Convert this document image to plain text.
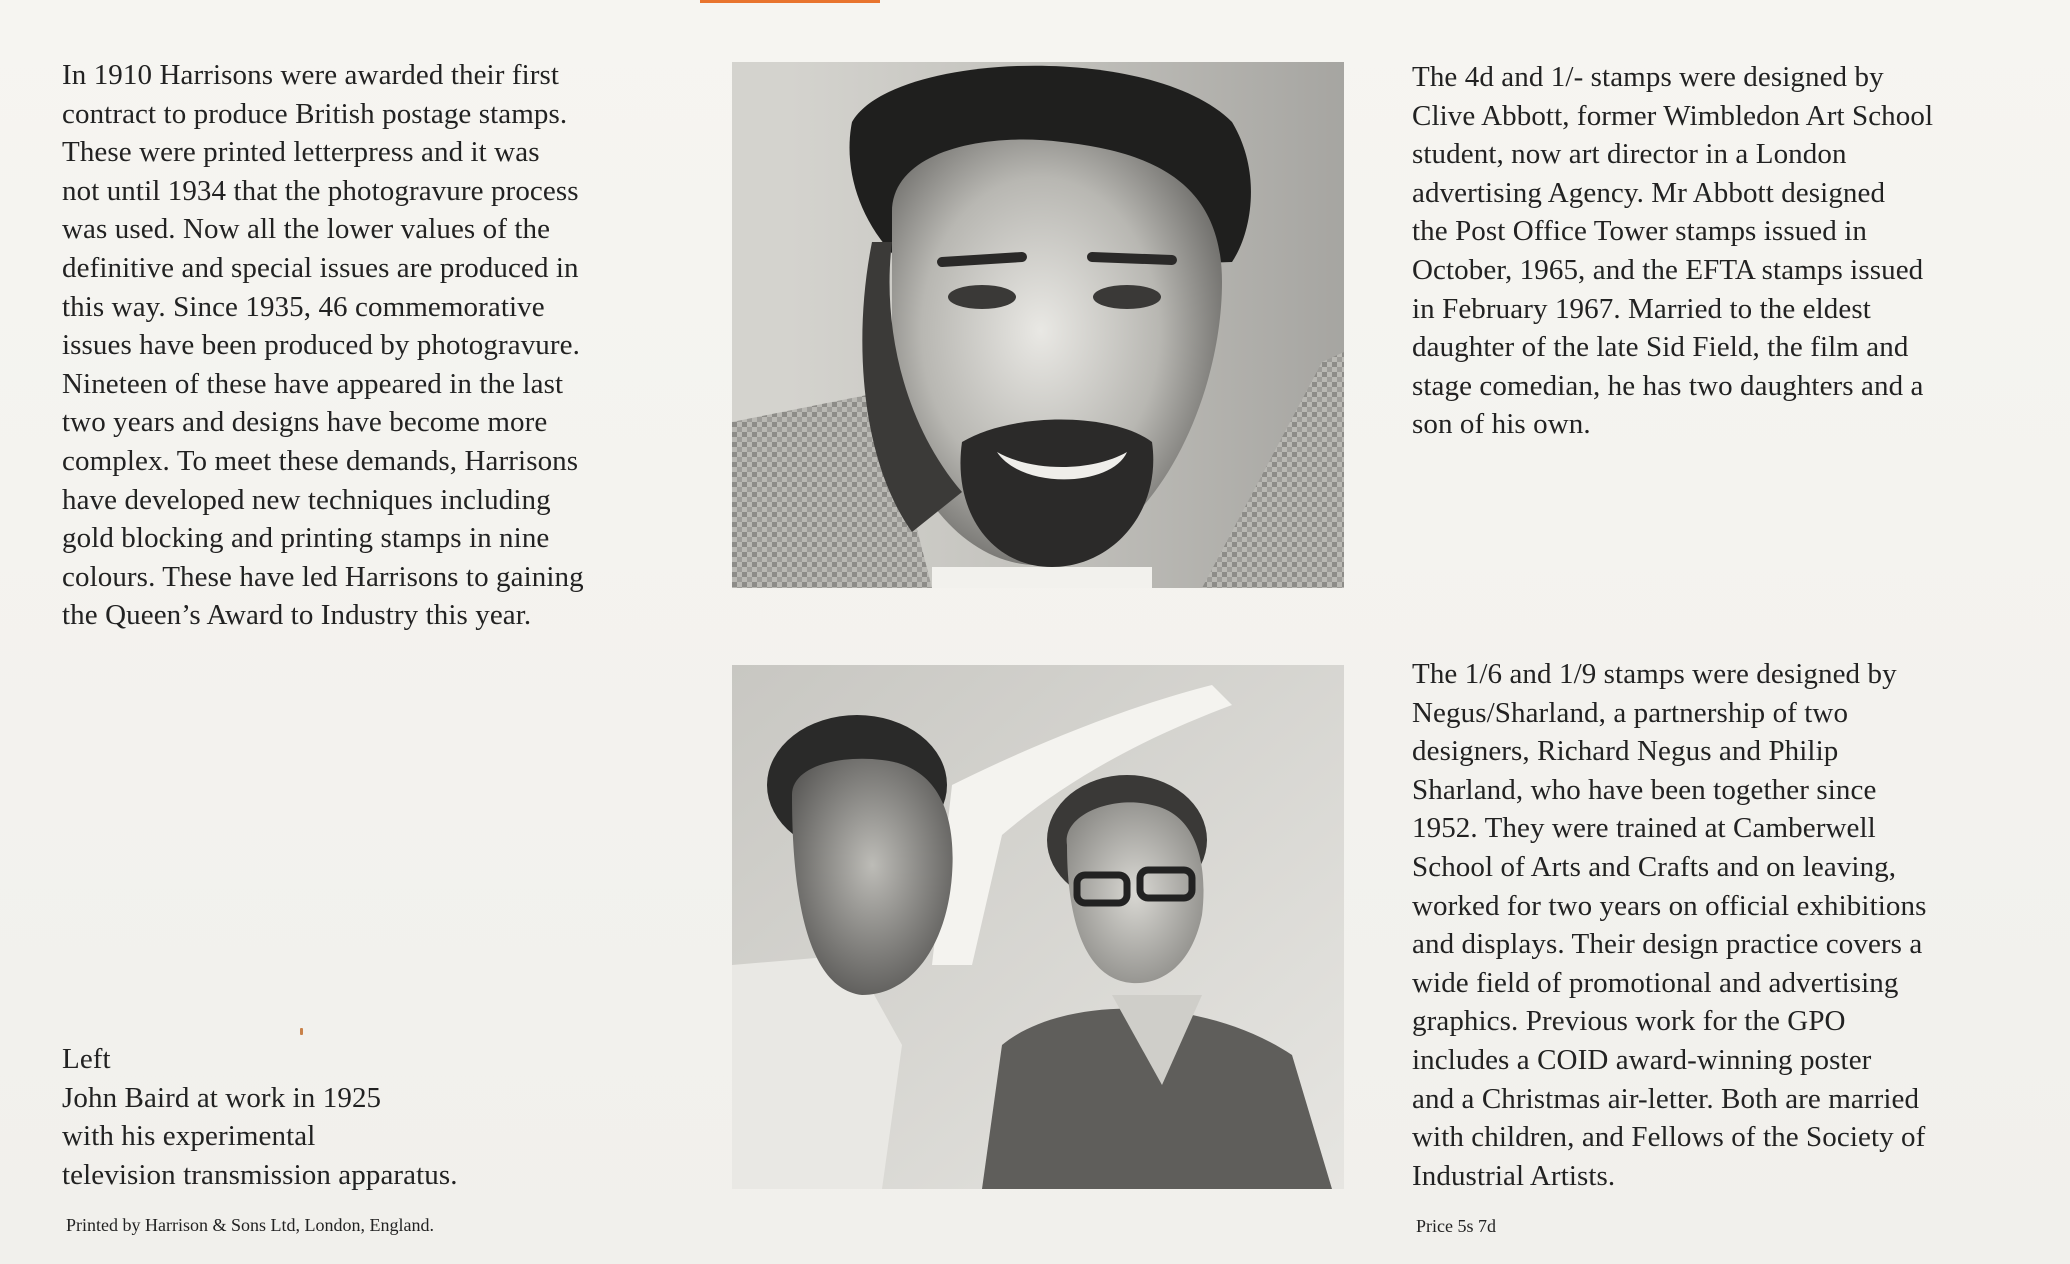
In 1910 Harrisons were awarded their first
contract to produce British postage stamps.
These were printed letterpress and it was
not until 1934 that the photogravure process
was used. Now all the lower values of the
definitive and special issues are produced in
this way. Since 1935, 46 commemorative
issues have been produced by photogravure.
Nineteen of these have appeared in the last
two years and designs have become more
complex. To meet these demands, Harrisons
have developed new techniques including
gold blocking and printing stamps in nine
colours. These have led Harrisons to gaining
the Queen’s Award to Industry this year.
The 4d and 1/- stamps were designed by
Clive Abbott, former Wimbledon Art School
student, now art director in a London
advertising Agency. Mr Abbott designed
the Post Office Tower stamps issued in
October, 1965, and the EFTA stamps issued
in February 1967. Married to the eldest
daughter of the late Sid Field, the film and
stage comedian, he has two daughters and a
son of his own.
The 1/6 and 1/9 stamps were designed by
Negus/Sharland, a partnership of two
designers, Richard Negus and Philip
Sharland, who have been together since
1952. They were trained at Camberwell
School of Arts and Crafts and on leaving,
worked for two years on official exhibitions
and displays. Their design practice covers a
wide field of promotional and advertising
graphics. Previous work for the GPO
includes a COID award-winning poster
and a Christmas air-letter. Both are married
with children, and Fellows of the Society of
Industrial Artists.
Left
John Baird at work in 1925
with his experimental
television transmission apparatus.
Printed by Harrison & Sons Ltd, London, England.	Price 5s 7d
